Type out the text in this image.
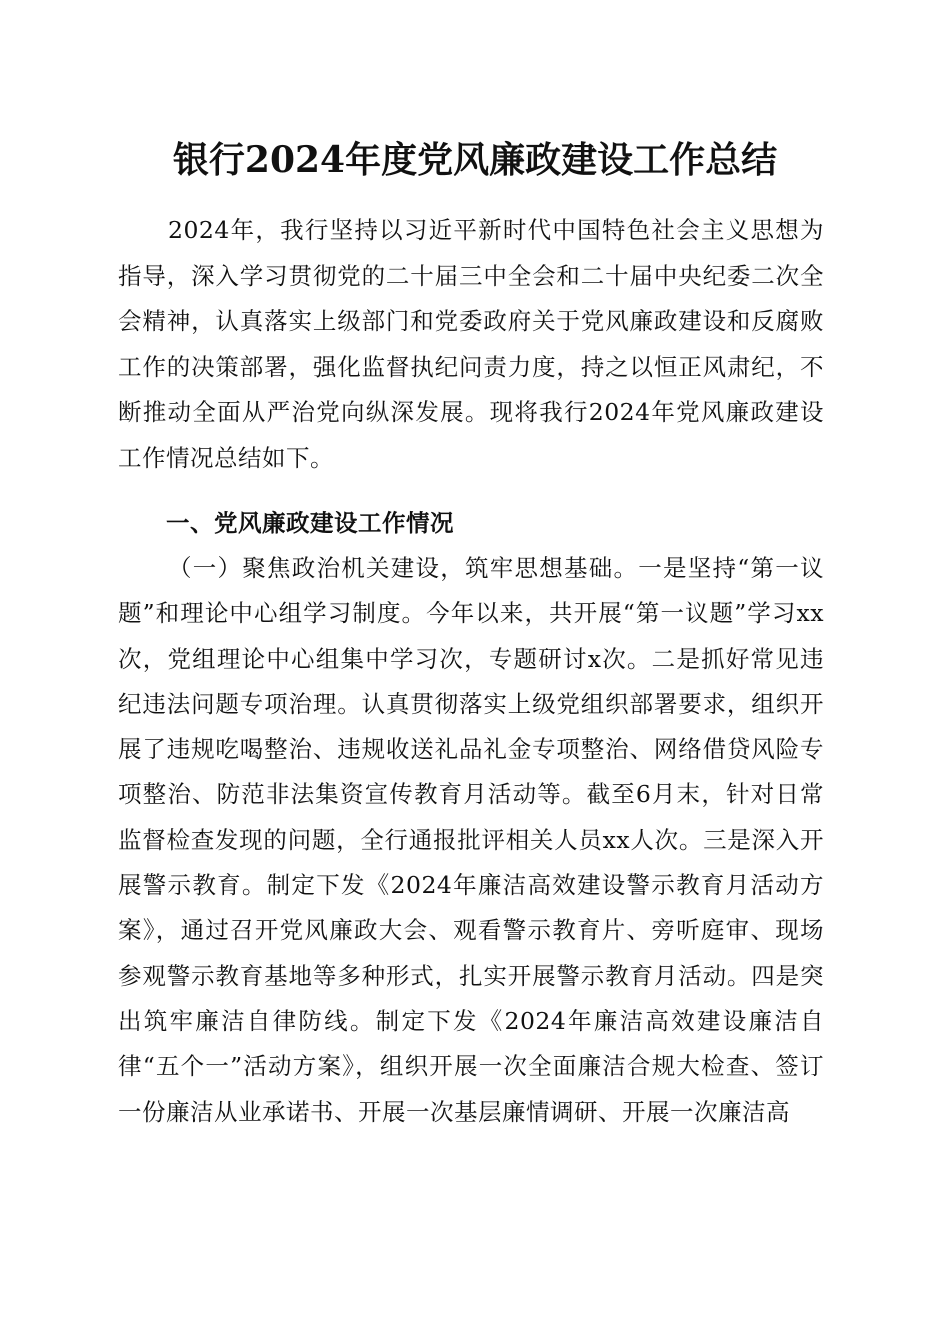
银行2024年度党风廉政建设工作总结
2024年，我行坚持以习近平新时代中国特色社会主义思想为指导，深入学习贯彻党的二十届三中全会和二十届中央纪委二次全会精神，认真落实上级部门和党委政府关于党风廉政建设和反腐败工作的决策部署，强化监督执纪问责力度，持之以恒正风肃纪，不断推动全面从严治党向纵深发展。现将我行2024年党风廉政建设工作情况总结如下。
一、党风廉政建设工作情况
（一）聚焦政治机关建设，筑牢思想基础。一是坚持“第一议题”和理论中心组学习制度。今年以来，共开展“第一议题”学习xx次，党组理论中心组集中学习次，专题研讨x次。二是抓好常见违纪违法问题专项治理。认真贯彻落实上级党组织部署要求，组织开展了违规吃喝整治、违规收送礼品礼金专项整治、网络借贷风险专项整治、防范非法集资宣传教育月活动等。截至6月末，针对日常监督检查发现的问题，全行通报批评相关人员xx人次。三是深入开展警示教育。制定下发《2024年廉洁高效建设警示教育月活动方案》，通过召开党风廉政大会、观看警示教育片、旁听庭审、现场参观警示教育基地等多种形式，扎实开展警示教育月活动。四是突出筑牢廉洁自律防线。制定下发《2024年廉洁高效建设廉洁自律“五个一”活动方案》，组织开展一次全面廉洁合规大检查、签订一份廉洁从业承诺书、开展一次基层廉情调研、开展一次廉洁高
